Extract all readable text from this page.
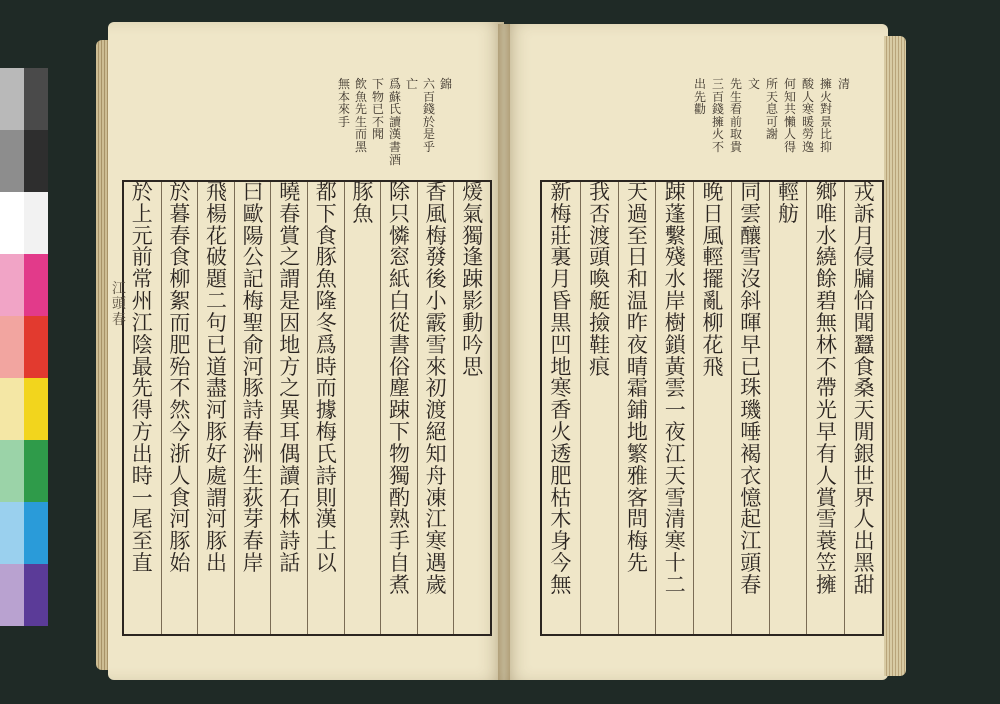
錦
六
百
錢
於
是
乎
亡
爲
蘇
氏
讀
漢
書
酒
下
物
已
不
聞
飲
魚
先
生
而
黑
無
本
來
手
清
擁
火
對
景
比
抑
酸
人
寒
暖
勞
逸
何
知
共
懶
人
得
所
天
息
可
謝
文
先
生
看
前
取
貴
三
百
錢
擁
火
不
出
先
勸
煖
氣
獨
逢
踈
影
動
吟
思
香
風
梅
發
後
小
霰
雪
來
初
渡
絕
知
舟
凍
江
寒
遇
歲
除
只
憐
窓
紙
白
從
書
俗
塵
踈
下
物
獨
酌
熟
手
自
煮
豚
魚
都
下
食
豚
魚
隆
冬
爲
時
而
據
梅
氏
詩
則
漢
土
以
曉
春
賞
之
謂
是
因
地
方
之
異
耳
偶
讀
石
林
詩
話
曰
歐
陽
公
記
梅
聖
俞
河
豚
詩
春
洲
生
荻
芽
春
岸
飛
楊
花
破
題
二
句
已
道
盡
河
豚
好
處
謂
河
豚
出
於
暮
春
食
柳
絮
而
肥
殆
不
然
今
浙
人
食
河
豚
始
於
上
元
前
常
州
江
陰
最
先
得
方
出
時
一
尾
至
直
戎
訴
月
侵
牖
恰
聞
蠶
食
桑
天
閒
銀
世
界
人
出
黑
甜
鄉
唯
水
繞
餘
碧
無
林
不
帶
光
早
有
人
賞
雪
蓑
笠
擁
輕
舫
同
雲
釀
雪
沒
斜
暉
早
已
珠
璣
唾
褐
衣
憶
起
江
頭
春
晚
日
風
輕
擺
亂
柳
花
飛
踈
蓬
繫
殘
水
岸
樹
鎖
黃
雲
一
夜
江
天
雪
清
寒
十
二
天
過
至
日
和
温
昨
夜
晴
霜
鋪
地
繁
雅
客
問
梅
先
我
否
渡
頭
喚
艇
撿
鞋
痕
新
梅
莊
裏
月
昏
黒
凹
地
寒
香
火
透
肥
枯
木
身
今
無
江
頭
春
